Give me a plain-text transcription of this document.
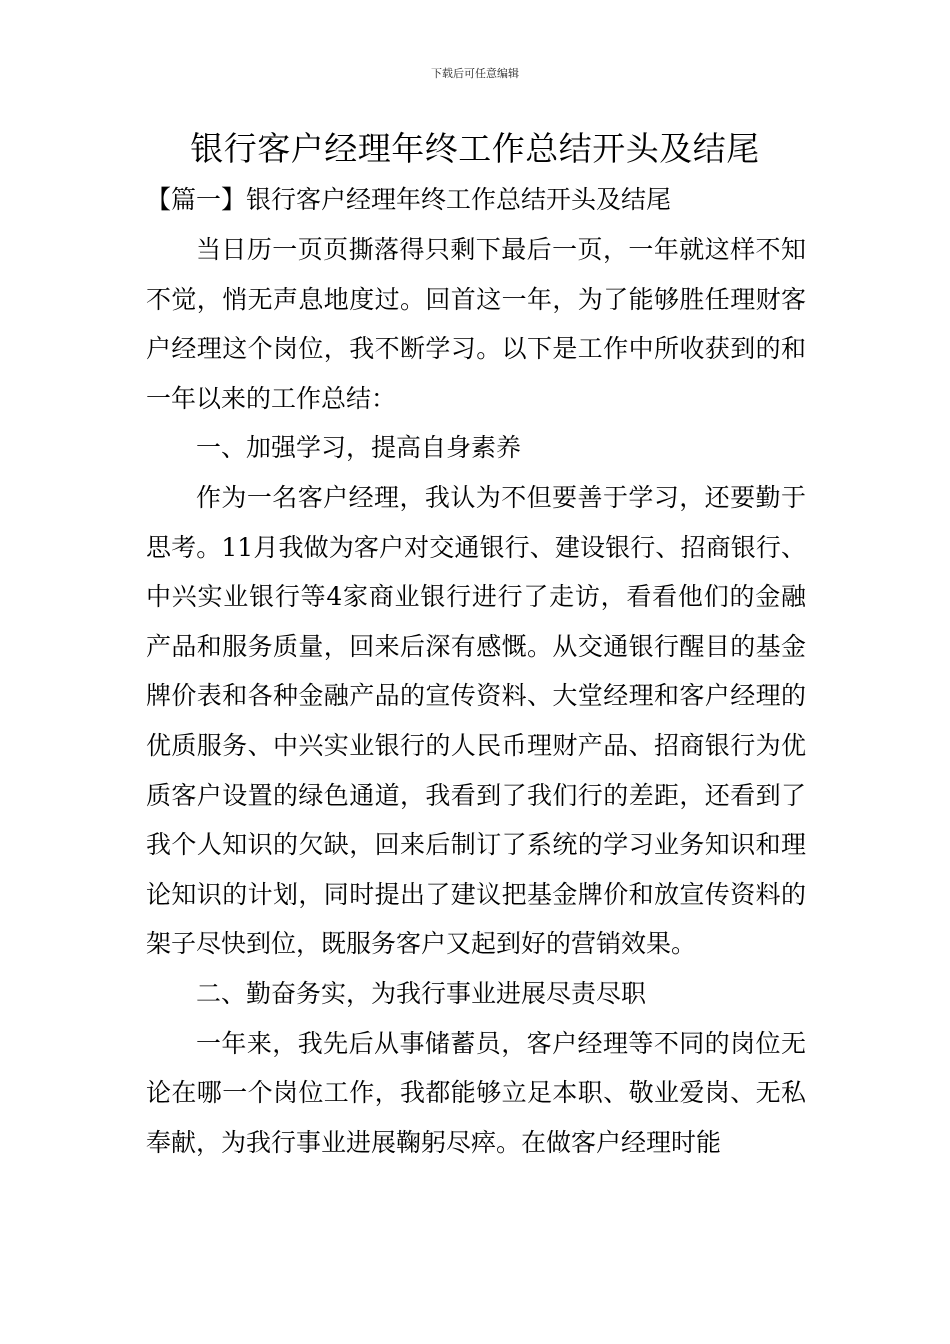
下载后可任意编辑
银行客户经理年终工作总结开头及结尾
【篇一】银行客户经理年终工作总结开头及结尾

当日历一页页撕落得只剩下最后一页，一年就这样不知不觉，悄无声息地度过。回首这一年，为了能够胜任理财客户经理这个岗位，我不断学习。以下是工作中所收获到的和一年以来的工作总结：

一、加强学习，提高自身素养

作为一名客户经理，我认为不但要善于学习，还要勤于思考。11月我做为客户对交通银行、建设银行、招商银行、中兴实业银行等4家商业银行进行了走访，看看他们的金融产品和服务质量，回来后深有感慨。从交通银行醒目的基金牌价表和各种金融产品的宣传资料、大堂经理和客户经理的优质服务、中兴实业银行的人民币理财产品、招商银行为优质客户设置的绿色通道，我看到了我们行的差距，还看到了我个人知识的欠缺，回来后制订了系统的学习业务知识和理论知识的计划，同时提出了建议把基金牌价和放宣传资料的架子尽快到位，既服务客户又起到好的营销效果。

二、勤奋务实，为我行事业进展尽责尽职

一年来，我先后从事储蓄员，客户经理等不同的岗位无论在哪一个岗位工作，我都能够立足本职、敬业爱岗、无私奉献，为我行事业进展鞠躬尽瘁。在做客户经理时能
